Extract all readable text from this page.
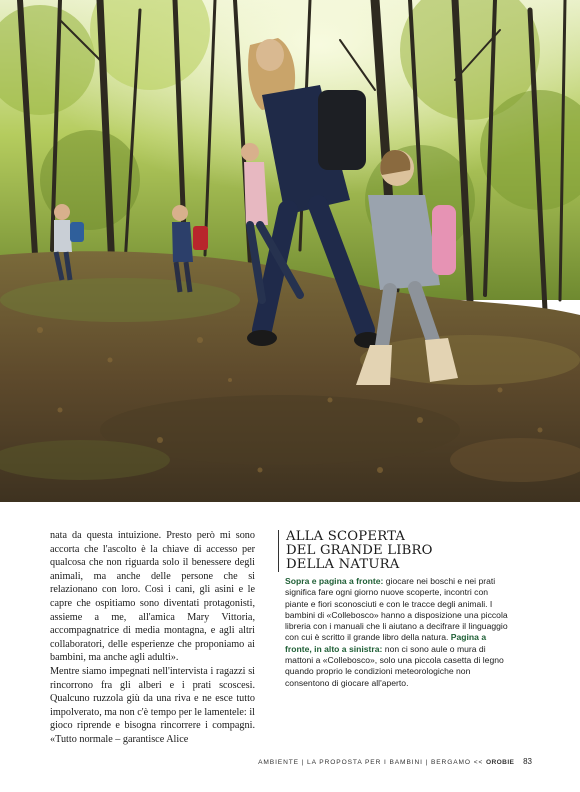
nata da questa intuizione. Presto però mi sono accorta che l'ascolto è la chiave di accesso per qualcosa che non riguarda solo il benessere degli animali, ma anche delle persone che si relazionano con loro. Così i cani, gli asini e le capre che ospitiamo sono diventati protagonisti, assieme a me, all'amica Mary Vittoria, accompagnatrice di media montagna, e agli altri collaboratori, delle esperienze che proponiamo ai bambini, ma anche agli adulti».

Mentre siamo impegnati nell'intervista i ragazzi si rincorrono fra gli alberi e i prati scoscesi. Qualcuno ruzzola giù da una riva e ne esce tutto impolverato, ma non c'è tempo per le lamentele: il gioco riprende e bisogna rincorrere i compagni. «Tutto normale – garantisce Alice

ALLA SCOPERTA
DEL GRANDE LIBRO
DELLA NATURA
Sopra e pagina a fronte: giocare nei boschi e nei prati significa fare ogni giorno nuove scoperte, incontri con piante e fiori sconosciuti e con le tracce degli animali. I bambini di «Collebosco» hanno a disposizione una piccola libreria con i manuali che li aiutano a decifrare il linguaggio con cui è scritto il grande libro della natura. Pagina a fronte, in alto a sinistra: non ci sono aule o mura di mattoni a «Collebosco», solo una piccola casetta di legno quando proprio le condizioni meteorologiche non consentono di giocare all'aperto.
AMBIENTE | LA PROPOSTA PER I BAMBINI | BERGAMO << OROBIE 83
